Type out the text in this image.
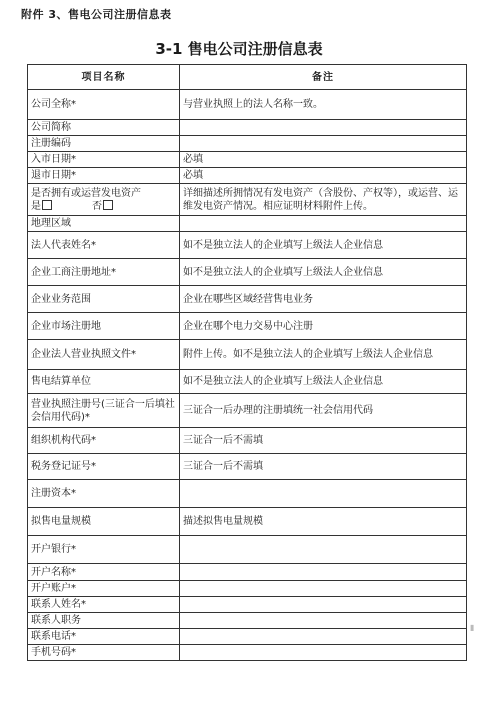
附件 3、售电公司注册信息表
3-1 售电公司注册信息表
项目名称	备注

公司全称*	与营业执照上的法人名称一致。

公司简称	

注册编码	

入市日期*	必填

退市日期*	必填

是否拥有或运营发电资产
是 否	详细描述所拥情况有发电资产（含股份、产权等），或运营、运维发电资产情况。相应证明材料附件上传。

地理区域	

法人代表姓名*	如不是独立法人的企业填写上级法人企业信息

企业工商注册地址*	如不是独立法人的企业填写上级法人企业信息

企业业务范围	企业在哪些区域经营售电业务

企业市场注册地	企业在哪个电力交易中心注册

企业法人营业执照文件*	附件上传。如不是独立法人的企业填写上级法人企业信息

售电结算单位	如不是独立法人的企业填写上级法人企业信息

营业执照注册号(三证合一后填社会信用代码)*	三证合一后办理的注册填统一社会信用代码

组织机构代码*	三证合一后不需填

税务登记证号*	三证合一后不需填

注册资本*	

拟售电量规模	描述拟售电量规模

开户银行*	

开户名称*	

开户账户*	

联系人姓名*	

联系人职务	

联系电话*	

手机号码*	

▮
